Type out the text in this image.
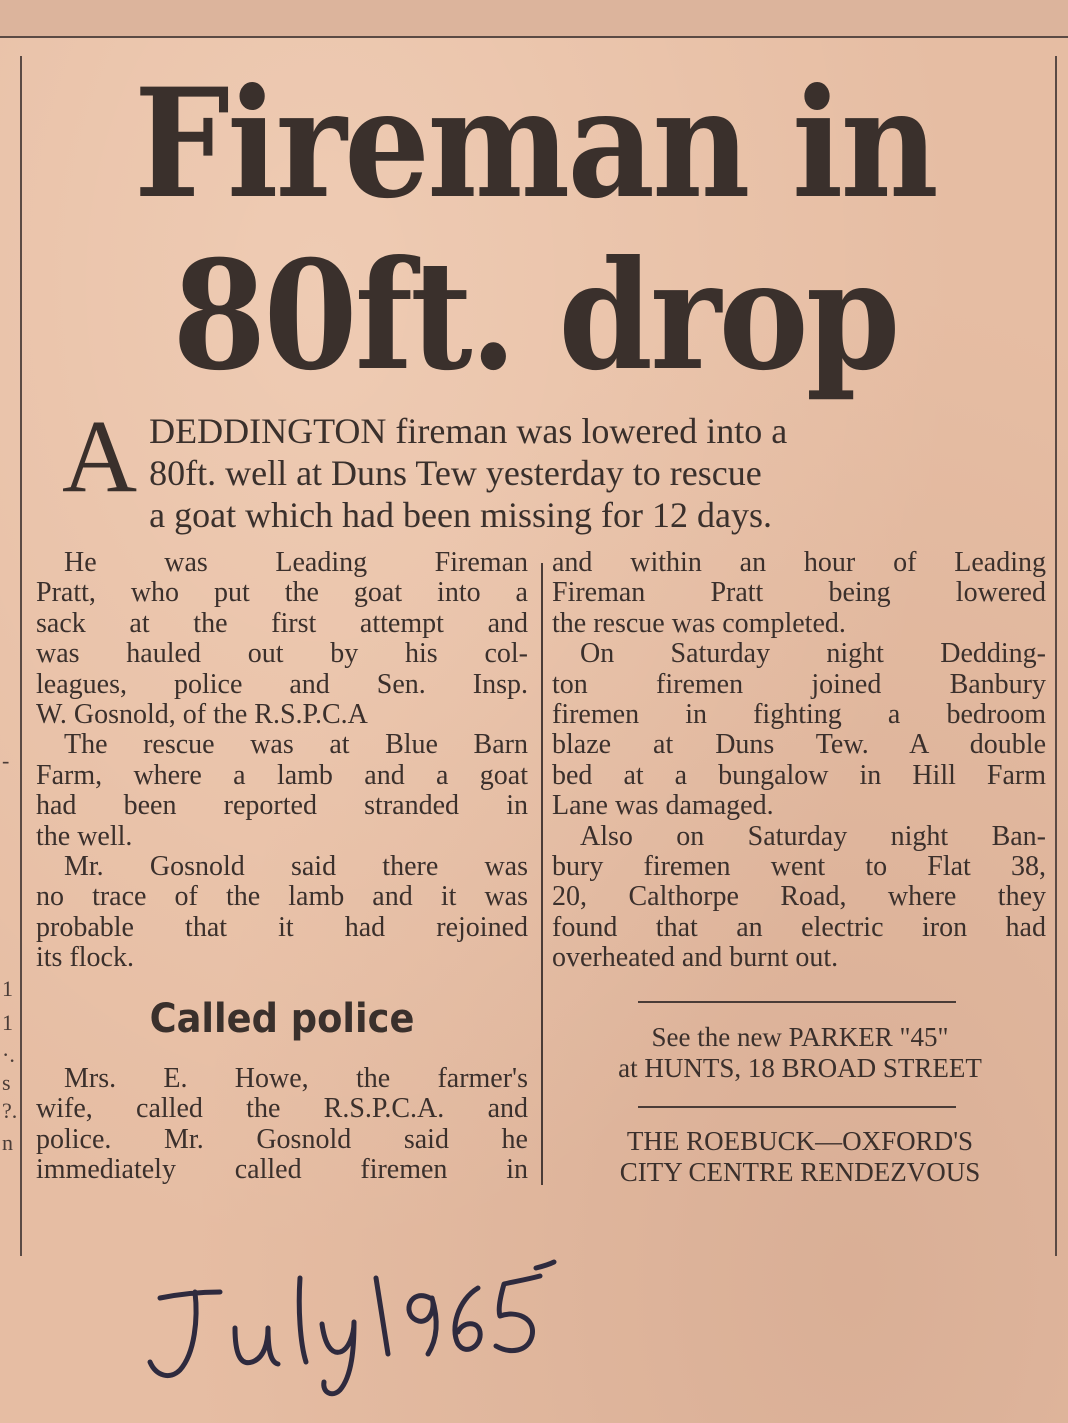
-
1
1
·.
s
?.
n
Fireman in
80ft. drop
A DEDDINGTON fireman was lowered into a
80ft. well at Duns Tew yesterday to rescue
a goat which had been missing for 12 days.
He was Leading Fireman
Pratt, who put the goat into a
sack at the first attempt and
was hauled out by his col-
leagues, police and Sen. Insp.
W. Gosnold, of the R.S.P.C.A
The rescue was at Blue Barn
Farm, where a lamb and a goat
had been reported stranded in
the well.
Mr. Gosnold said there was
no trace of the lamb and it was
probable that it had rejoined
its flock.
Called police
Mrs. E. Howe, the farmer's
wife, called the R.S.P.C.A. and
police. Mr. Gosnold said he
immediately called firemen in
and within an hour of Leading
Fireman Pratt being lowered
the rescue was completed.
On Saturday night Dedding-
ton firemen joined Banbury
firemen in fighting a bedroom
blaze at Duns Tew. A double
bed at a bungalow in Hill Farm
Lane was damaged.
Also on Saturday night Ban-
bury firemen went to Flat 38,
20, Calthorpe Road, where they
found that an electric iron had
overheated and burnt out.
See the new PARKER "45"
at HUNTS, 18 BROAD STREET
THE ROEBUCK—OXFORD'S
CITY CENTRE RENDEZVOUS
